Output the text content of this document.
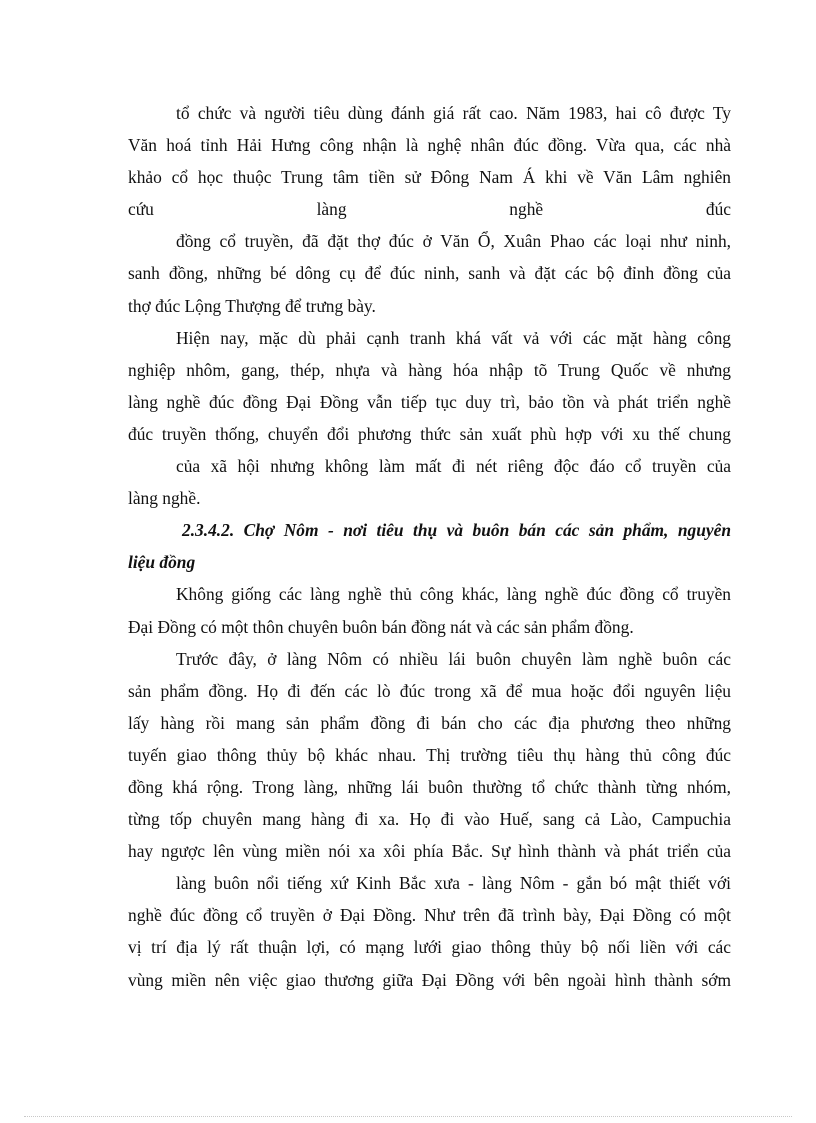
tổ chức và người tiêu dùng đánh giá rất cao. Năm 1983, hai cô được Ty
Văn hoá tỉnh Hải Hưng công nhận là nghệ nhân đúc đồng. Vừa qua, các nhà
khảo cổ học thuộc Trung tâm tiền sử Đông Nam Á khi về Văn Lâm nghiên
cứu làng nghề đúc
đồng cổ truyền, đã đặt thợ đúc ở Văn Ổ, Xuân Phao các loại như ninh,
sanh đồng, những bé dông cụ để đúc ninh, sanh và đặt các bộ đỉnh đồng của
thợ đúc Lộng Thượng để trưng bày.
Hiện nay, mặc dù phải cạnh tranh khá vất vả với các mặt hàng công
nghiệp nhôm, gang, thép, nhựa và hàng hóa nhập tõ Trung Quốc về nhưng
làng nghề đúc đồng Đại Đồng vẫn tiếp tục duy trì, bảo tồn và phát triển nghề
đúc truyền thống, chuyển đổi phương thức sản xuất phù hợp với xu thế chung
của xã hội nhưng không làm mất đi nét riêng độc đáo cổ truyền của
làng nghề.
2.3.4.2. Chợ Nôm - nơi tiêu thụ và buôn bán các sản phẩm, nguyên
liệu đồng
Không giống các làng nghề thủ công khác, làng nghề đúc đồng cổ truyền
Đại Đồng có một thôn chuyên buôn bán đồng nát và các sản phẩm đồng.
Trước đây, ở làng Nôm có nhiều lái buôn chuyên làm nghề buôn các
sản phẩm đồng. Họ đi đến các lò đúc trong xã để mua hoặc đổi nguyên liệu
lấy hàng rồi mang sản phẩm đồng đi bán cho các địa phương theo những
tuyến giao thông thủy bộ khác nhau. Thị trường tiêu thụ hàng thủ công đúc
đồng khá rộng. Trong làng, những lái buôn thường tổ chức thành từng nhóm,
từng tốp chuyên mang hàng đi xa. Họ đi vào Huế, sang cả Lào, Campuchia
hay ngược lên vùng miền nói xa xôi phía Bắc. Sự hình thành và phát triển của
làng buôn nổi tiếng xứ Kinh Bắc xưa - làng Nôm - gắn bó mật thiết với
nghề đúc đồng cổ truyền ở Đại Đồng. Như trên đã trình bày, Đại Đồng có một
vị trí địa lý rất thuận lợi, có mạng lưới giao thông thủy bộ nối liền với các
vùng miền nên việc giao thương giữa Đại Đồng với bên ngoài hình thành sớm
